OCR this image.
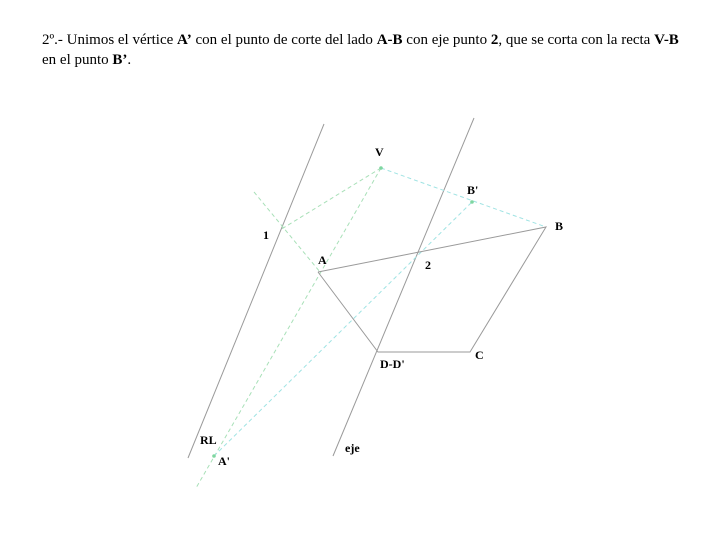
2º.- Unimos el vértice A’ con el punto de corte del lado A-B con eje punto 2, que se corta con la recta V-B en el punto B’.
V
B'
B
1
A	2
C
D-D'
RL
A'
eje
